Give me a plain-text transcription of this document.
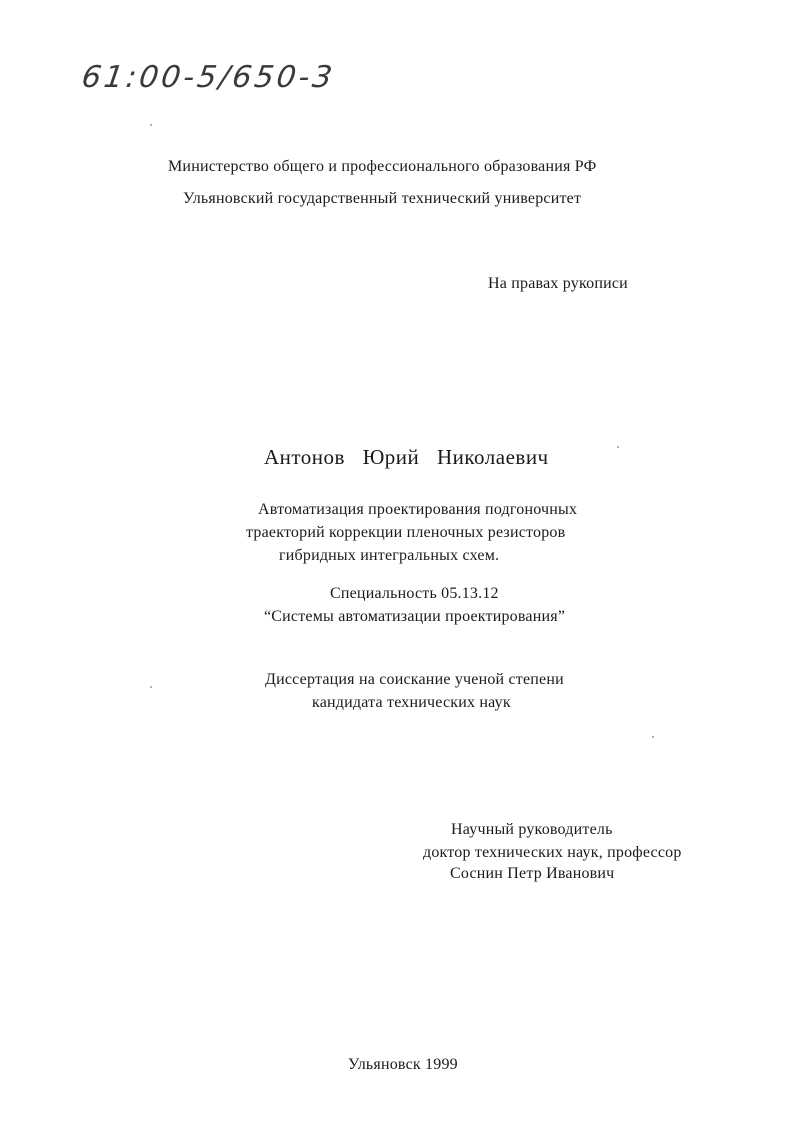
61:00-5/650-3
Министерство общего и профессионального образования РФ
Ульяновский государственный технический университет
На правах рукописи
Антонов Юрий Николаевич
Автоматизация проектирования подгоночных
траекторий коррекции пленочных резисторов
гибридных интегральных схем.
Специальность 05.13.12
“Системы автоматизации проектирования”
Диссертация на соискание ученой степени
кандидата технических наук
Научный руководитель
доктор технических наук, профессор
Соснин Петр Иванович
Ульяновск 1999
